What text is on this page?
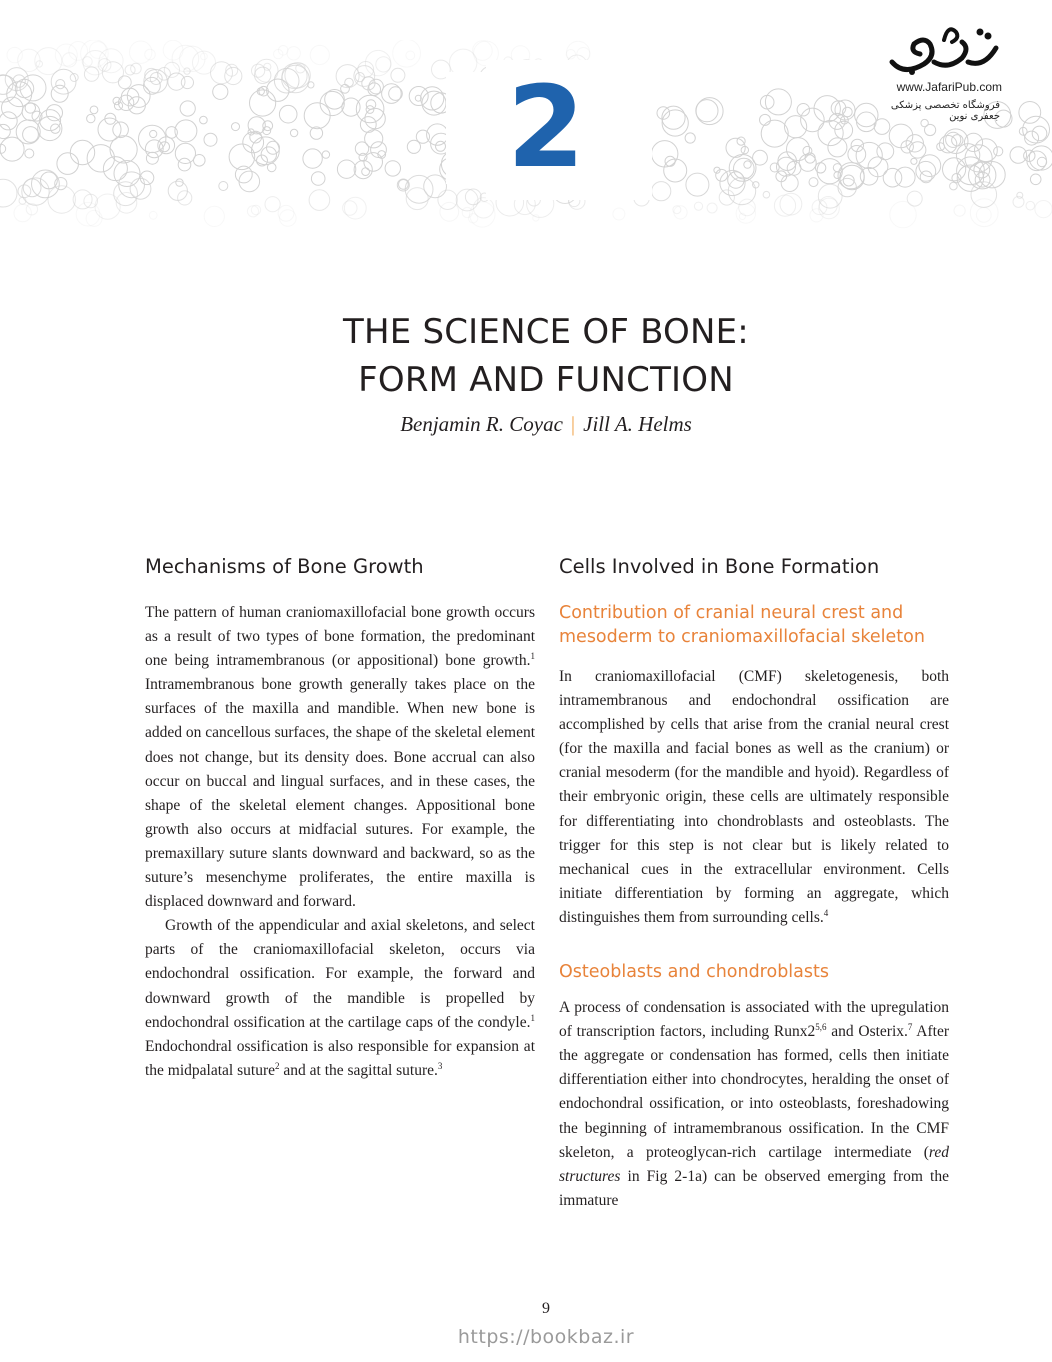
2	www.JafariPub.com
فروشگاه تخصصی پزشکی جعفری نوین
THE SCIENCE OF BONE:
FORM AND FUNCTION
Benjamin R. Coyac | Jill A. Helms
Mechanisms of Bone Growth

The pattern of human craniomaxillofacial bone growth occurs as a result of two types of bone formation, the predominant one being intramembranous (or appositional) bone growth.$^1$ Intramembranous bone growth generally takes place on the surfaces of the maxilla and mandible. When new bone is added on cancellous surfaces, the shape of the skeletal element does not change, but its density does. Bone accrual can also occur on buccal and lingual surfaces, and in these cases, the shape of the skeletal element changes. Appositional bone growth also occurs at midfacial sutures. For example, the premaxillary suture slants downward and backward, so as the suture’s mesenchyme proliferates, the entire maxilla is displaced downward and forward.

Growth of the appendicular and axial skeletons, and select parts of the craniomaxillofacial skeleton, occurs via endochondral ossification. For example, the forward and downward growth of the mandible is propelled by endochondral ossification at the cartilage caps of the condyle.$^1$ Endochondral ossification is also responsible for expansion at the midpalatal suture$^2$ and at the sagittal suture.$^3$

Cells Involved in Bone Formation
Contribution of cranial neural crest and mesoderm to craniomaxillofacial skeleton

In craniomaxillofacial (CMF) skeletogenesis, both intramembranous and endochondral ossification are accomplished by cells that arise from the cranial neural crest (for the maxilla and facial bones as well as the cranium) or cranial mesoderm (for the mandible and hyoid). Regardless of their embryonic origin, these cells are ultimately responsible for differentiating into chondroblasts and osteoblasts. The trigger for this step is not clear but is likely related to mechanical cues in the extracellular environment. Cells initiate differentiation by forming an aggregate, which distinguishes them from surrounding cells.$^4$

Osteoblasts and chondroblasts

A process of condensation is associated with the upregulation of transcription factors, including Runx2$^{5,6}$ and Osterix.$^7$ After the aggregate or condensation has formed, cells then initiate differentiation either into chondrocytes, heralding the onset of endochondral ossification, or into osteoblasts, foreshadowing the beginning of intramembranous ossification. In the CMF skeleton, a proteoglycan-rich cartilage intermediate (red structures in Fig 2-1a) can be observed emerging from the immature

9
https://bookbaz.ir
